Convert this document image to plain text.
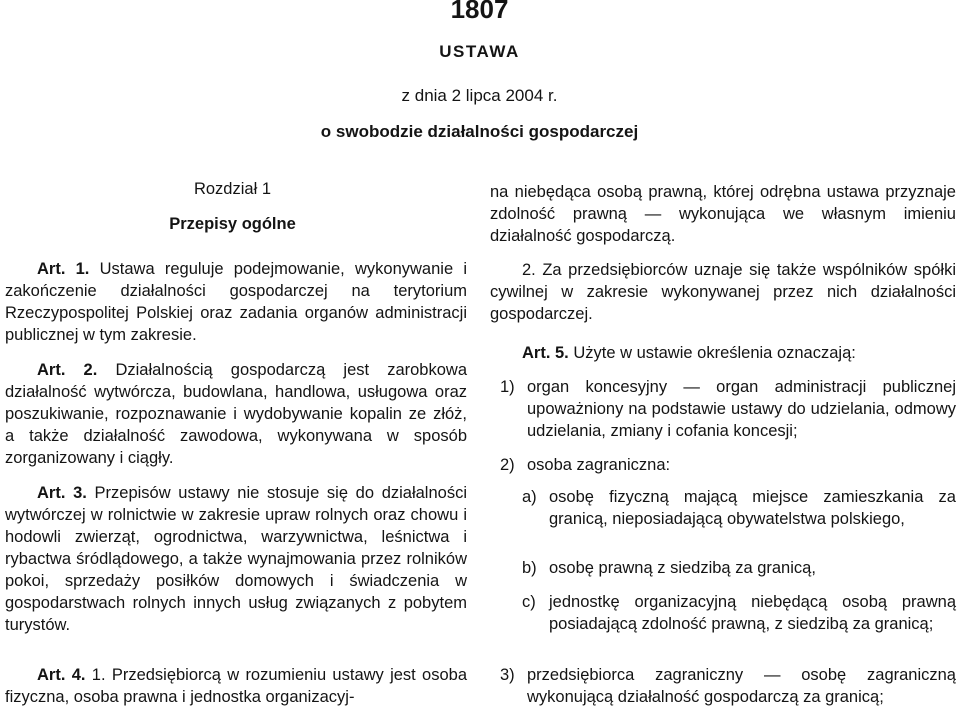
1807
USTAWA
z dnia 2 lipca 2004 r.
o swobodzie działalności gospodarczej
Rozdział 1
Przepisy ogólne

Art. 1. Ustawa reguluje podejmowanie, wykonywanie i zakończenie działalności gospodarczej na terytorium Rzeczypospolitej Polskiej oraz zadania organów administracji publicznej w tym zakresie.

Art. 2. Działalnością gospodarczą jest zarobkowa działalność wytwórcza, budowlana, handlowa, usługowa oraz poszukiwanie, rozpoznawanie i wydobywanie kopalin ze złóż, a także działalność zawodowa, wykonywana w sposób zorganizowany i ciągły.

Art. 3. Przepisów ustawy nie stosuje się do działalności wytwórczej w rolnictwie w zakresie upraw rolnych oraz chowu i hodowli zwierząt, ogrodnictwa, warzywnictwa, leśnictwa i rybactwa śródlądowego, a także wynajmowania przez rolników pokoi, sprzedaży posiłków domowych i świadczenia w gospodarstwach rolnych innych usług związanych z pobytem turystów.

Art. 4. 1. Przedsiębiorcą w rozumieniu ustawy jest osoba fizyczna, osoba prawna i jednostka organizacyj-

na niebędąca osobą prawną, której odrębna ustawa przyznaje zdolność prawną — wykonująca we własnym imieniu działalność gospodarczą.

2. Za przedsiębiorców uznaje się także wspólników spółki cywilnej w zakresie wykonywanej przez nich działalności gospodarczej.

Art. 5. Użyte w ustawie określenia oznaczają:

1) organ koncesyjny — organ administracji publicznej upoważniony na podstawie ustawy do udzielania, odmowy udzielania, zmiany i cofania koncesji;
2) osoba zagraniczna:
a) osobę fizyczną mającą miejsce zamieszkania za granicą, nieposiadającą obywatelstwa polskiego,
b) osobę prawną z siedzibą za granicą,
c) jednostkę organizacyjną niebędącą osobą prawną posiadającą zdolność prawną, z siedzibą za granicą;
3) przedsiębiorca zagraniczny — osobę zagraniczną wykonującą działalność gospodarczą za granicą;
